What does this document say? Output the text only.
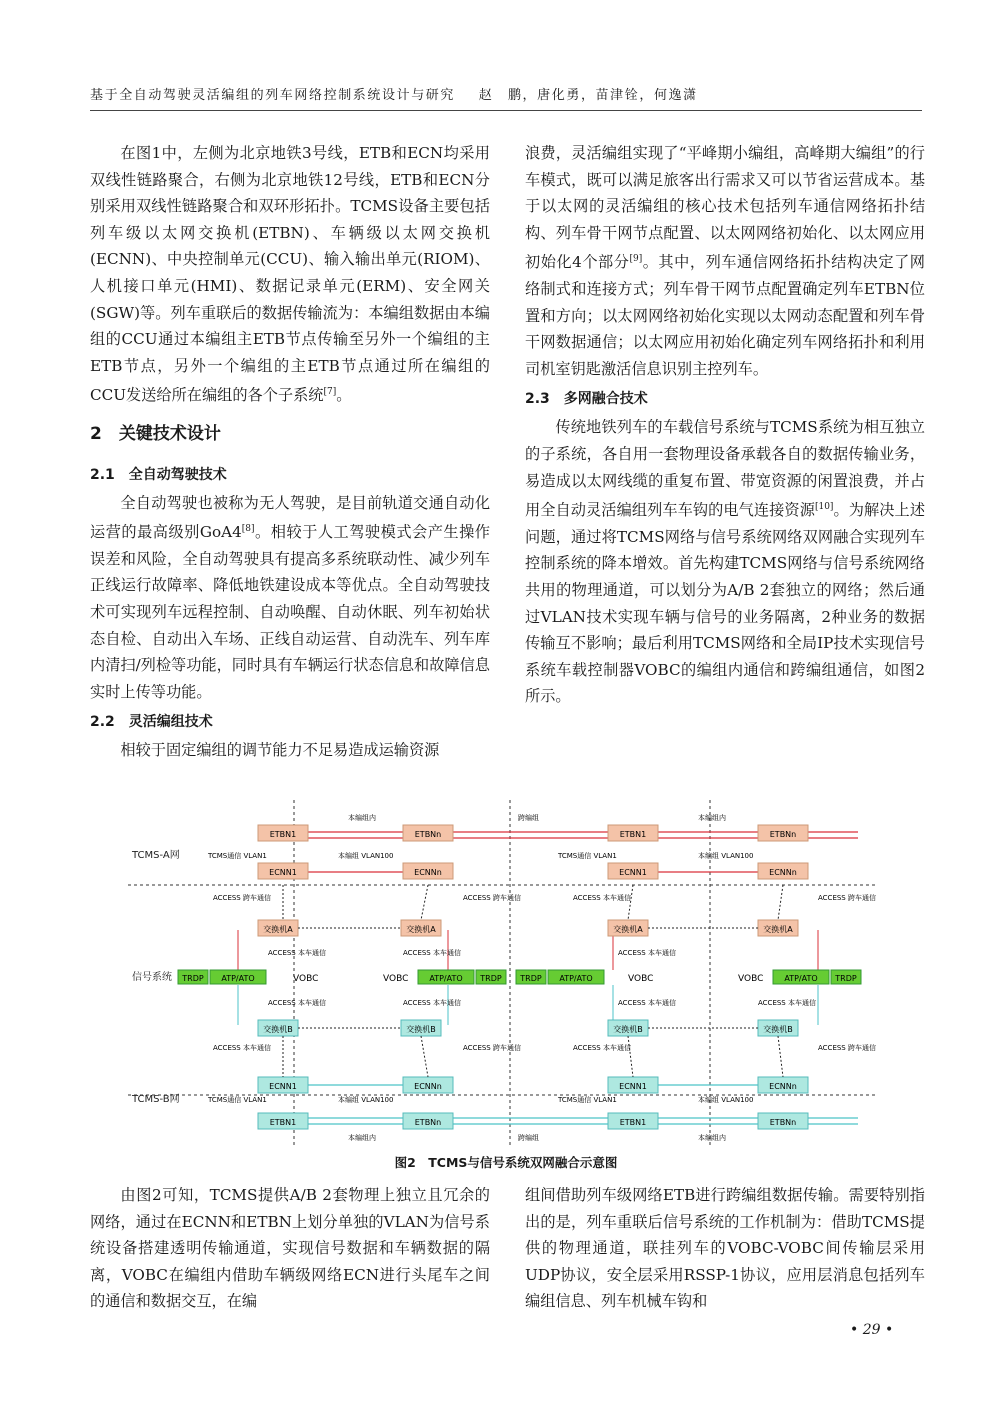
基于全自动驾驶灵活编组的列车网络控制系统设计与研究 赵　鹏，唐化勇，苗津铨，何逸潇

在图1中，左侧为北京地铁3号线，ETB和ECN均采用双线性链路聚合，右侧为北京地铁12号线，ETB和ECN分别采用双线性链路聚合和双环形拓扑。TCMS设备主要包括列车级以太网交换机(ETBN)、车辆级以太网交换机(ECNN)、中央控制单元(CCU)、输入输出单元(RIOM)、人机接口单元(HMI)、数据记录单元(ERM)、安全网关(SGW)等。列车重联后的数据传输流为：本编组数据由本编组的CCU通过本编组主ETB节点传输至另外一个编组的主ETB节点，另外一个编组的主ETB节点通过所在编组的CCU发送给所在编组的各个子系统[7]。

2　关键技术设计
2.1　全自动驾驶技术

全自动驾驶也被称为无人驾驶，是目前轨道交通自动化运营的最高级别GoA4[8]。相较于人工驾驶模式会产生操作误差和风险，全自动驾驶具有提高多系统联动性、减少列车正线运行故障率、降低地铁建设成本等优点。全自动驾驶技术可实现列车远程控制、自动唤醒、自动休眠、列车初始状态自检、自动出入车场、正线自动运营、自动洗车、列车库内清扫/列检等功能，同时具有车辆运行状态信息和故障信息实时上传等功能。

2.2　灵活编组技术

相较于固定编组的调节能力不足易造成运输资源

浪费，灵活编组实现了“平峰期小编组，高峰期大编组”的行车模式，既可以满足旅客出行需求又可以节省运营成本。基于以太网的灵活编组的核心技术包括列车通信网络拓扑结构、列车骨干网节点配置、以太网网络初始化、以太网应用初始化4个部分[9]。其中，列车通信网络拓扑结构决定了网络制式和连接方式；列车骨干网节点配置确定列车ETBN位置和方向；以太网网络初始化实现以太网动态配置和列车骨干网数据通信；以太网应用初始化确定列车网络拓扑和利用司机室钥匙激活信息识别主控列车。

2.3　多网融合技术

传统地铁列车的车载信号系统与TCMS系统为相互独立的子系统，各自用一套物理设备承载各自的数据传输业务，易造成以太网线缆的重复布置、带宽资源的闲置浪费，并占用全自动灵活编组列车车钩的电气连接资源[10]。为解决上述问题，通过将TCMS网络与信号系统网络双网融合实现列车控制系统的降本增效。首先构建TCMS网络与信号系统网络共用的物理通道，可以划分为A/B 2套独立的网络；然后通过VLAN技术实现车辆与信号的业务隔离，2种业务的数据传输互不影响；最后利用TCMS网络和全局IP技术实现信号系统车载控制器VOBC的编组内通信和跨编组通信，如图2所示。

TCMS-A网
TCMS-B网
信号系统
ETBN1	ETBNn	ETBN1	ETBNn
ECNN1	ECNNn	ECNN1	ECNNn
交换机A	交换机A	交换机A	交换机A
TRDP ATP/ATO	VOBC	VOBC	ATP/ATO TRDP TRDP ATP/ATO	VOBC	VOBC	ATP/ATO TRDP
交换机B	交换机B	交换机B	交换机B
ECNN1	ECNNn	ECNN1	ECNNn
ETBN1	ETBNn	ETBN1	ETBNn
本编组内	跨编组	本编组内
TCMS通信 VLAN1	本编组 VLAN100	TCMS通信 VLAN1	本编组 VLAN100
ACCESS 跨车通信	ACCESS 跨车通信	ACCESS 本车通信	ACCESS 跨车通信
ACCESS 本车通信	ACCESS 本车通信	ACCESS 本车通信
ACCESS 本车通信	ACCESS 本车通信	ACCESS 本车通信	ACCESS 本车通信
ACCESS 本车通信	ACCESS 跨车通信	ACCESS 本车通信	ACCESS 跨车通信
TCMS通信 VLAN1	本编组 VLAN100	TCMS通信 VLAN1	本编组 VLAN100
本编组内	跨编组	本编组内
图2　TCMS与信号系统双网融合示意图

由图2可知，TCMS提供A/B 2套物理上独立且冗余的网络，通过在ECNN和ETBN上划分单独的VLAN为信号系统设备搭建透明传输通道，实现信号数据和车辆数据的隔离，VOBC在编组内借助车辆级网络ECN进行头尾车之间的通信和数据交互，在编

组间借助列车级网络ETB进行跨编组数据传输。需要特别指出的是，列车重联后信号系统的工作机制为：借助TCMS提供的物理通道，联挂列车的VOBC-VOBC间传输层采用UDP协议，安全层采用RSSP-1协议，应用层消息包括列车编组信息、列车机械车钩和

• 29 •
